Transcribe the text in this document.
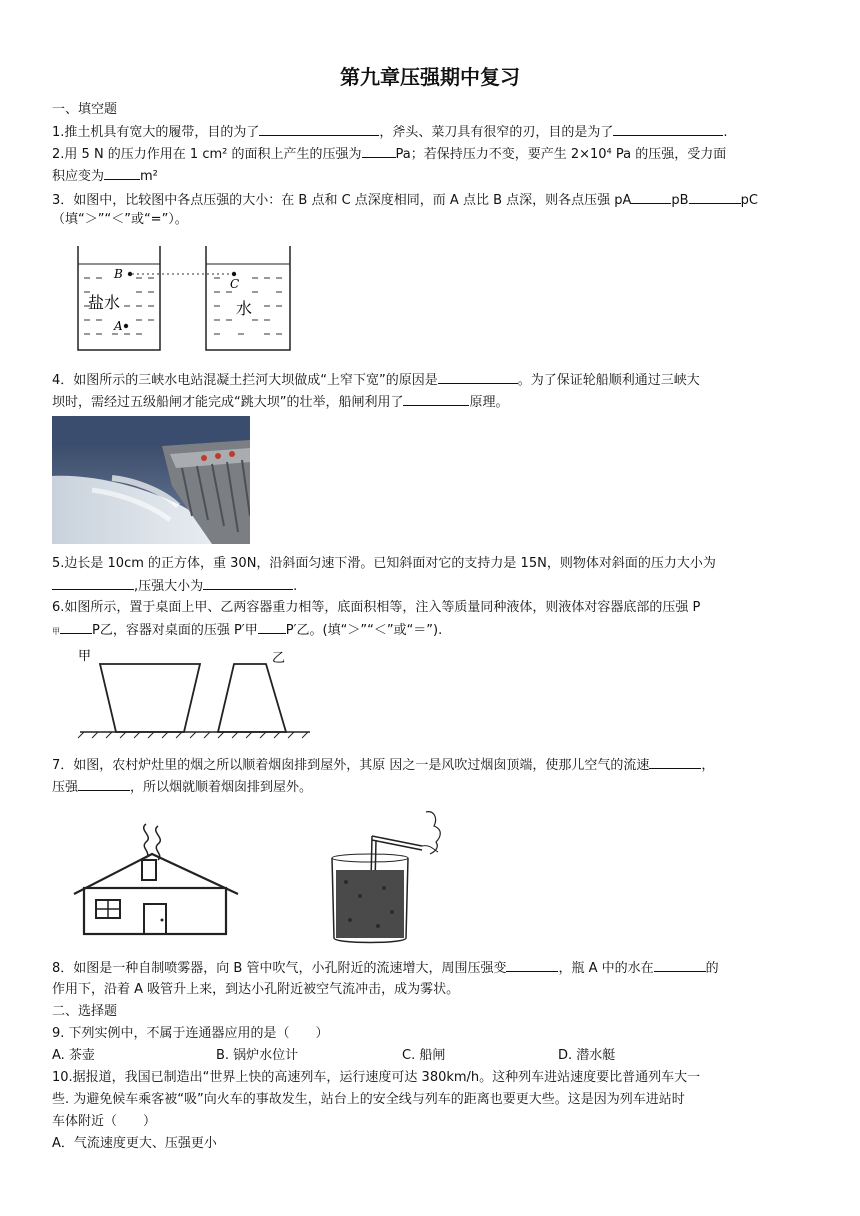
第九章压强期中复习
一、填空题
1.推土机具有宽大的履带，目的为了	，斧头、菜刀具有很窄的刃，目的是为了	.
2.用 5 N 的压力作用在 1 cm² 的面积上产生的压强为	Pa；若保持压力不变，要产生 2×10⁴ Pa 的压强，受力面
积应变为	m²
3．如图中，比较图中各点压强的大小：在 B 点和 C 点深度相同，而 A 点比 B 点深，则各点压强 pA	pB	pC
（填“＞”“＜”或“=”）。
B
盐水
A
C
水
4．如图所示的三峡水电站混凝土拦河大坝做成“上窄下宽”的原因是	。为了保证轮船顺利通过三峡大
坝时，需经过五级船闸才能完成“跳大坝”的壮举，船闸利用了	原理。
5.边长是 10cm 的正方体，重 30N，沿斜面匀速下滑。已知斜面对它的支持力是 15N，则物体对斜面的压力大小为
,压强大小为	.
6.如图所示，置于桌面上甲、乙两容器重力相等，底面积相等，注入等质量同种液体，则液体对容器底部的压强 P
甲 P乙，容器对桌面的压强 P′甲 P′乙。(填“＞”“＜”或“＝”).
甲	乙
7．如图，农村炉灶里的烟之所以顺着烟囱排到屋外，其原 因之一是风吹过烟囱顶端，使那儿空气的流速	，
压强	，所以烟就顺着烟囱排到屋外。
8．如图是一种自制喷雾器，向 B 管中吹气，小孔附近的流速增大，周围压强变	，瓶 A 中的水在	的
作用下，沿着 A 吸管升上来，到达小孔附近被空气流冲击，成为雾状。
二、选择题
9. 下列实例中，不属于连通器应用的是（　　）
A. 茶壶	B. 锅炉水位计	C. 船闸	D. 潜水艇
10.据报道，我国已制造出“世界上快的高速列车，运行速度可达 380km/h。这种列车进站速度要比普通列车大一
些. 为避免候车乘客被“吸”向火车的事故发生，站台上的安全线与列车的距离也要更大些。这是因为列车进站时
车体附近（　　）
A．气流速度更大、压强更小
